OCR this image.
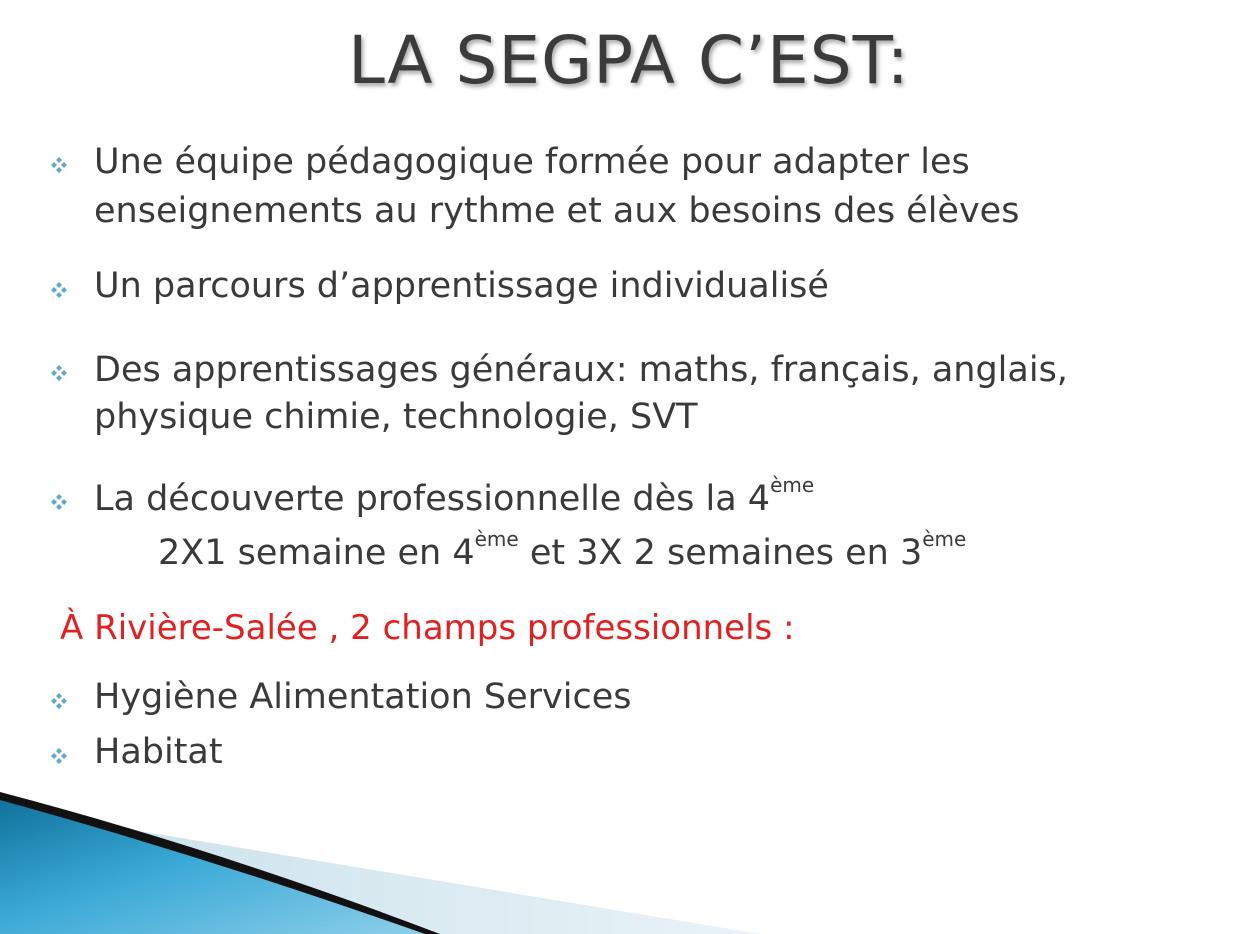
LA SEGPA C’EST:
Une équipe pédagogique formée pour adapter les
enseignements au rythme et aux besoins des élèves
Un parcours d’apprentissage individualisé
Des apprentissages généraux: maths, français, anglais,
physique chimie, technologie, SVT
La découverte professionnelle dès la 4ème
2X1 semaine en 4ème et 3X 2 semaines en 3ème
À Rivière-Salée , 2 champs professionnels :
Hygiène Alimentation Services
Habitat
